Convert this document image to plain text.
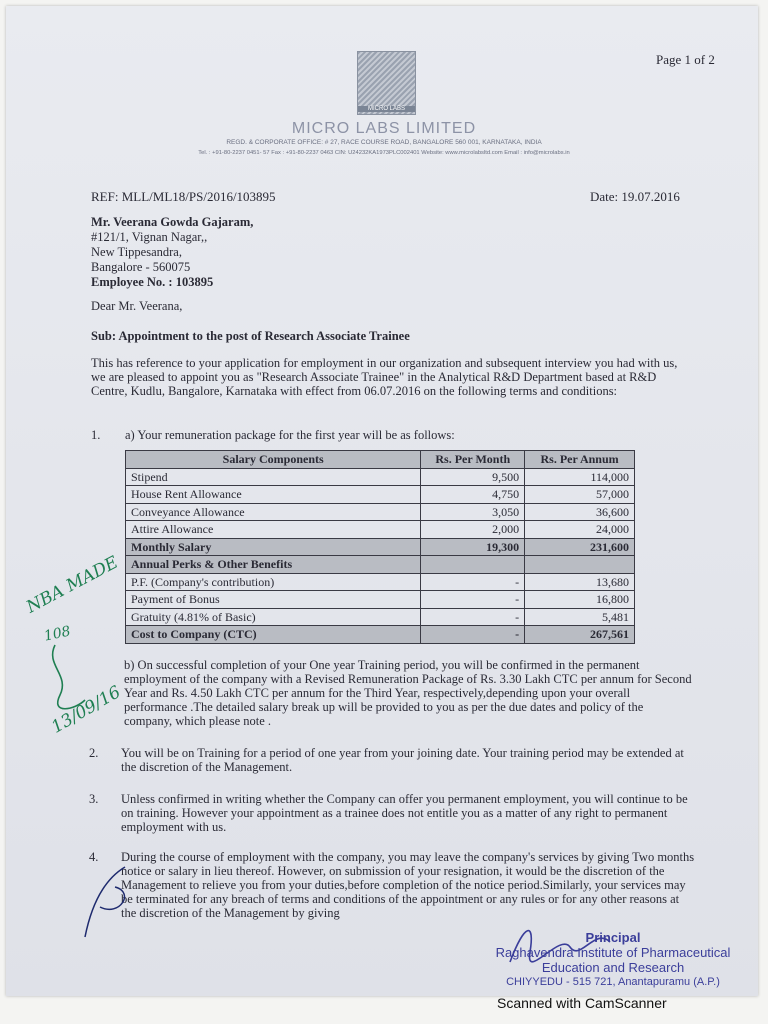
Page 1 of 2
MICRO LABS
MICRO LABS LIMITED
REGD. & CORPORATE OFFICE: # 27, RACE COURSE ROAD, BANGALORE 560 001, KARNATAKA, INDIA
Tel. : +91-80-2237 0451- 57 Fax : +91-80-2237 0463 CIN: U24232KA1973PLC002401 Website: www.microlabsltd.com Email : info@microlabs.in
REF: MLL/ML18/PS/2016/103895	Date: 19.07.2016
Mr. Veerana Gowda Gajaram,
#121/1, Vignan Nagar,,
New Tippesandra,
Bangalore - 560075
Employee No. : 103895
Dear Mr. Veerana,
Sub: Appointment to the post of Research Associate Trainee
This has reference to your application for employment in our organization and subsequent interview you had with us, we are pleased to appoint you as "Research Associate Trainee" in the Analytical R&D Department based at R&D Centre, Kudlu, Bangalore, Karnataka with effect from 06.07.2016 on the following terms and conditions:
1. a) Your remuneration package for the first year will be as follows:
Salary Components	Rs. Per Month	Rs. Per Annum
Stipend	9,500	114,000
House Rent Allowance	4,750	57,000
Conveyance Allowance	3,050	36,600
Attire Allowance	2,000	24,000
Monthly Salary	19,300	231,600
Annual Perks & Other Benefits		
P.F. (Company's contribution)	-	13,680
Payment of Bonus	-	16,800
Gratuity (4.81% of Basic)	-	5,481
Cost to Company (CTC)	-	267,561
b) On successful completion of your One year Training period, you will be confirmed in the permanent employment of the company with a Revised Remuneration Package of Rs. 3.30 Lakh CTC per annum for Second Year and Rs. 4.50 Lakh CTC per annum for the Third Year, respectively,depending upon your overall performance .The detailed salary break up will be provided to you as per the due dates and policy of the company, which please note .
2. You will be on Training for a period of one year from your joining date. Your training period may be extended at the discretion of the Management.
3. Unless confirmed in writing whether the Company can offer you permanent employment, you will continue to be on training. However your appointment as a trainee does not entitle you as a matter of any right to permanent employment with us.
4. During the course of employment with the company, you may leave the company's services by giving Two months notice or salary in lieu thereof. However, on submission of your resignation, it would be the discretion of the Management to relieve you from your duties,before completion of the notice period.Similarly, your services may be terminated for any breach of terms and conditions of the appointment or any rules or for any other reasons at the discretion of the Management by giving
NBA MADE
108
13/09/16
Principal
Raghavendra Institute of Pharmaceutical
Education and Research
CHIYYEDU - 515 721, Anantapuramu (A.P.)
Scanned with CamScanner
